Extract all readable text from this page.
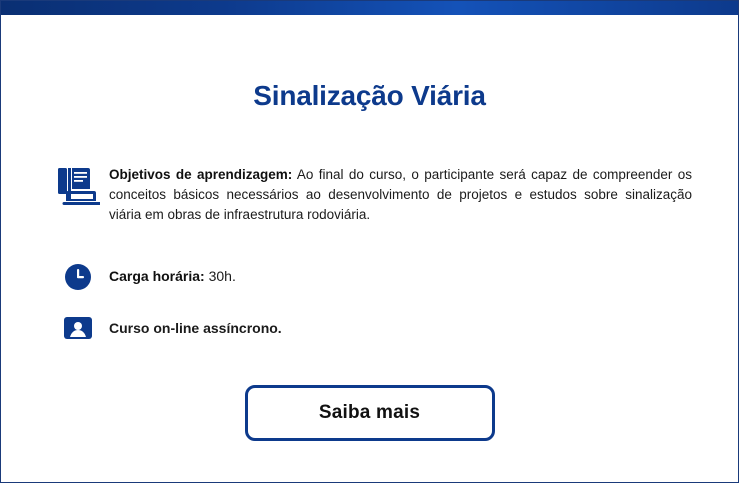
Sinalização Viária
Objetivos de aprendizagem: Ao final do curso, o participante será capaz de compreender os conceitos básicos necessários ao desenvolvimento de projetos e estudos sobre sinalização viária em obras de infraestrutura rodoviária.
Carga horária: 30h.
Curso on-line assíncrono.
Saiba mais
